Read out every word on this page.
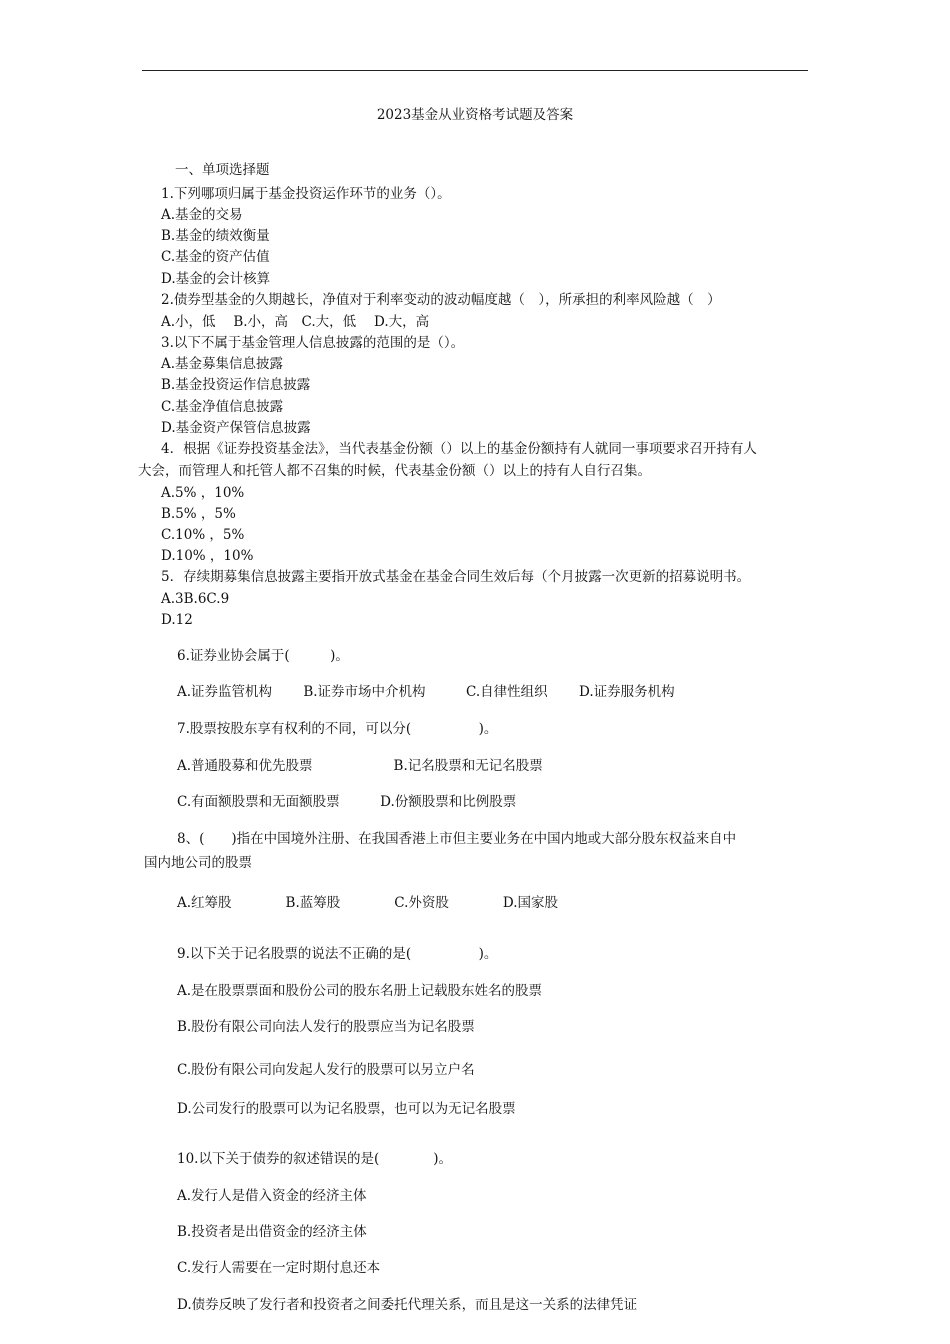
2023基金从业资格考试题及答案
一、单项选择题
1.下列哪项归属于基金投资运作环节的业务（）。
A.基金的交易
B.基金的绩效衡量
C.基金的资产估值
D.基金的会计核算
2.债券型基金的久期越长，净值对于利率变动的波动幅度越（　），所承担的利率风险越（　）
A.小，低　 B.小，高　C.大，低　 D.大，高
3.以下不属于基金管理人信息披露的范围的是（）。
A.基金募集信息披露
B.基金投资运作信息披露
C.基金净值信息披露
D.基金资产保管信息披露
4．根据《证券投资基金法》，当代表基金份额（）以上的基金份额持有人就同一事项要求召开持有人
大会，而管理人和托管人都不召集的时候，代表基金份额（）以上的持有人自行召集。
A.5% ，10%
B.5% ，5%
C.10% ，5%
D.10% ，10%
5．存续期募集信息披露主要指开放式基金在基金合同生效后每（个月披露一次更新的招募说明书。
A.3B.6C.9
D.12
6.证券业协会属于(　　　)。
A.证券监管机构　　 B.证券市场中介机构　　　C.自律性组织　　 D.证券服务机构
7.股票按股东享有权利的不同，可以分(　　　　　)。
A.普通股募和优先股票　　　　　　B.记名股票和无记名股票
C.有面额股票和无面额股票　　　D.份额股票和比例股票
8、(　　)指在中国境外注册、在我国香港上市但主要业务在中国内地或大部分股东权益来自中
国内地公司的股票
A.红筹股　　　　B.蓝筹股　　　　C.外资股　　　　D.国家股
9.以下关于记名股票的说法不正确的是(　　　　　)。
A.是在股票票面和股份公司的股东名册上记载股东姓名的股票
B.股份有限公司向法人发行的股票应当为记名股票
C.股份有限公司向发起人发行的股票可以另立户名
D.公司发行的股票可以为记名股票，也可以为无记名股票
10.以下关于债券的叙述错误的是(　　　　)。
A.发行人是借入资金的经济主体
B.投资者是出借资金的经济主体
C.发行人需要在一定时期付息还本
D.债券反映了发行者和投资者之间委托代理关系，而且是这一关系的法律凭证
